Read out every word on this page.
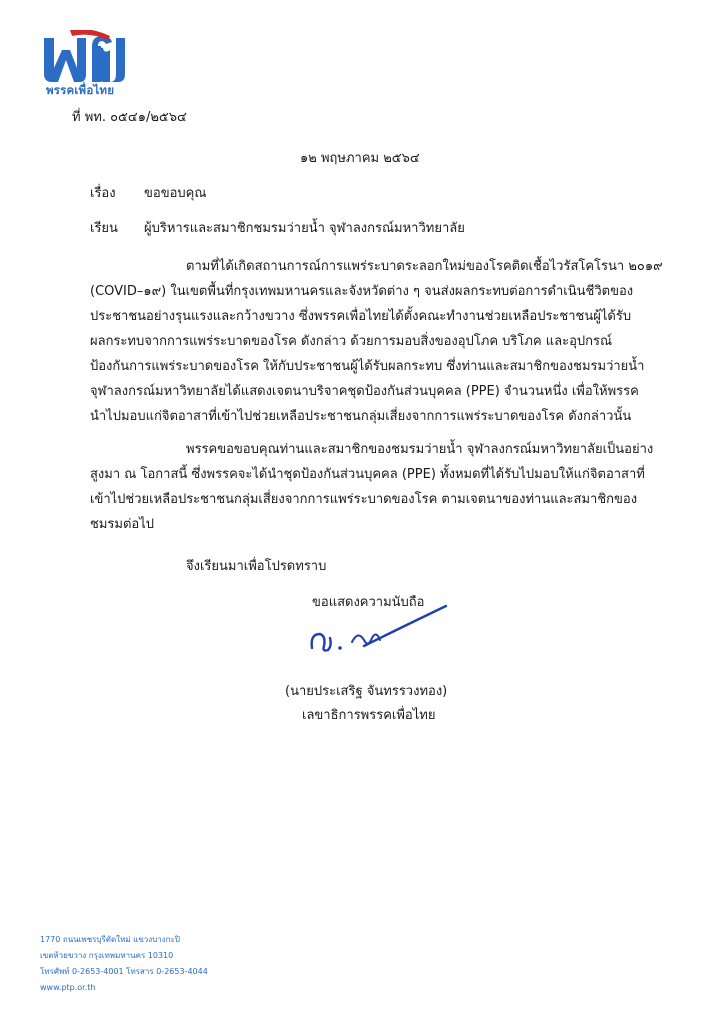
พรรคเพื่อไทย
ที่ พท. ๐๕๔๑/๒๕๖๔
๑๒ พฤษภาคม ๒๕๖๔
เรื่อง ขอขอบคุณ
เรียน ผู้บริหารและสมาชิกชมรมว่ายน้ำ จุฬาลงกรณ์มหาวิทยาลัย
ตามที่ได้เกิดสถานการณ์การแพร่ระบาดระลอกใหม่ของโรคติดเชื้อไวรัสโคโรนา ๒๐๑๙
(COVID–๑๙) ในเขตพื้นที่กรุงเทพมหานครและจังหวัดต่าง ๆ จนส่งผลกระทบต่อการดำเนินชีวิตของ
ประชาชนอย่างรุนแรงและกว้างขวาง ซึ่งพรรคเพื่อไทยได้ตั้งคณะทำงานช่วยเหลือประชาชนผู้ได้รับ
ผลกระทบจากการแพร่ระบาดของโรค ดังกล่าว ด้วยการมอบสิ่งของอุปโภค บริโภค และอุปกรณ์
ป้องกันการแพร่ระบาดของโรค ให้กับประชาชนผู้ได้รับผลกระทบ ซึ่งท่านและสมาชิกของชมรมว่ายน้ำ
จุฬาลงกรณ์มหาวิทยาลัยได้แสดงเจตนาบริจาคชุดป้องกันส่วนบุคคล (PPE) จำนวนหนึ่ง เพื่อให้พรรค
นำไปมอบแก่จิตอาสาที่เข้าไปช่วยเหลือประชาชนกลุ่มเสี่ยงจากการแพร่ระบาดของโรค ดังกล่าวนั้น
พรรคขอขอบคุณท่านและสมาชิกของชมรมว่ายน้ำ จุฬาลงกรณ์มหาวิทยาลัยเป็นอย่าง
สูงมา ณ โอกาสนี้ ซึ่งพรรคจะได้นำชุดป้องกันส่วนบุคคล (PPE) ทั้งหมดที่ได้รับไปมอบให้แก่จิตอาสาที่
เข้าไปช่วยเหลือประชาชนกลุ่มเสี่ยงจากการแพร่ระบาดของโรค ตามเจตนาของท่านและสมาชิกของ
ชมรมต่อไป
จึงเรียนมาเพื่อโปรดทราบ
ขอแสดงความนับถือ
(นายประเสริฐ จันทรรวงทอง)
เลขาธิการพรรคเพื่อไทย
1770 ถนนเพชรบุรีตัดใหม่ แขวงบางกะปิ
เขตห้วยขวาง กรุงเทพมหานคร 10310
โทรศัพท์ 0-2653-4001 โทรสาร 0-2653-4044
www.ptp.or.th
